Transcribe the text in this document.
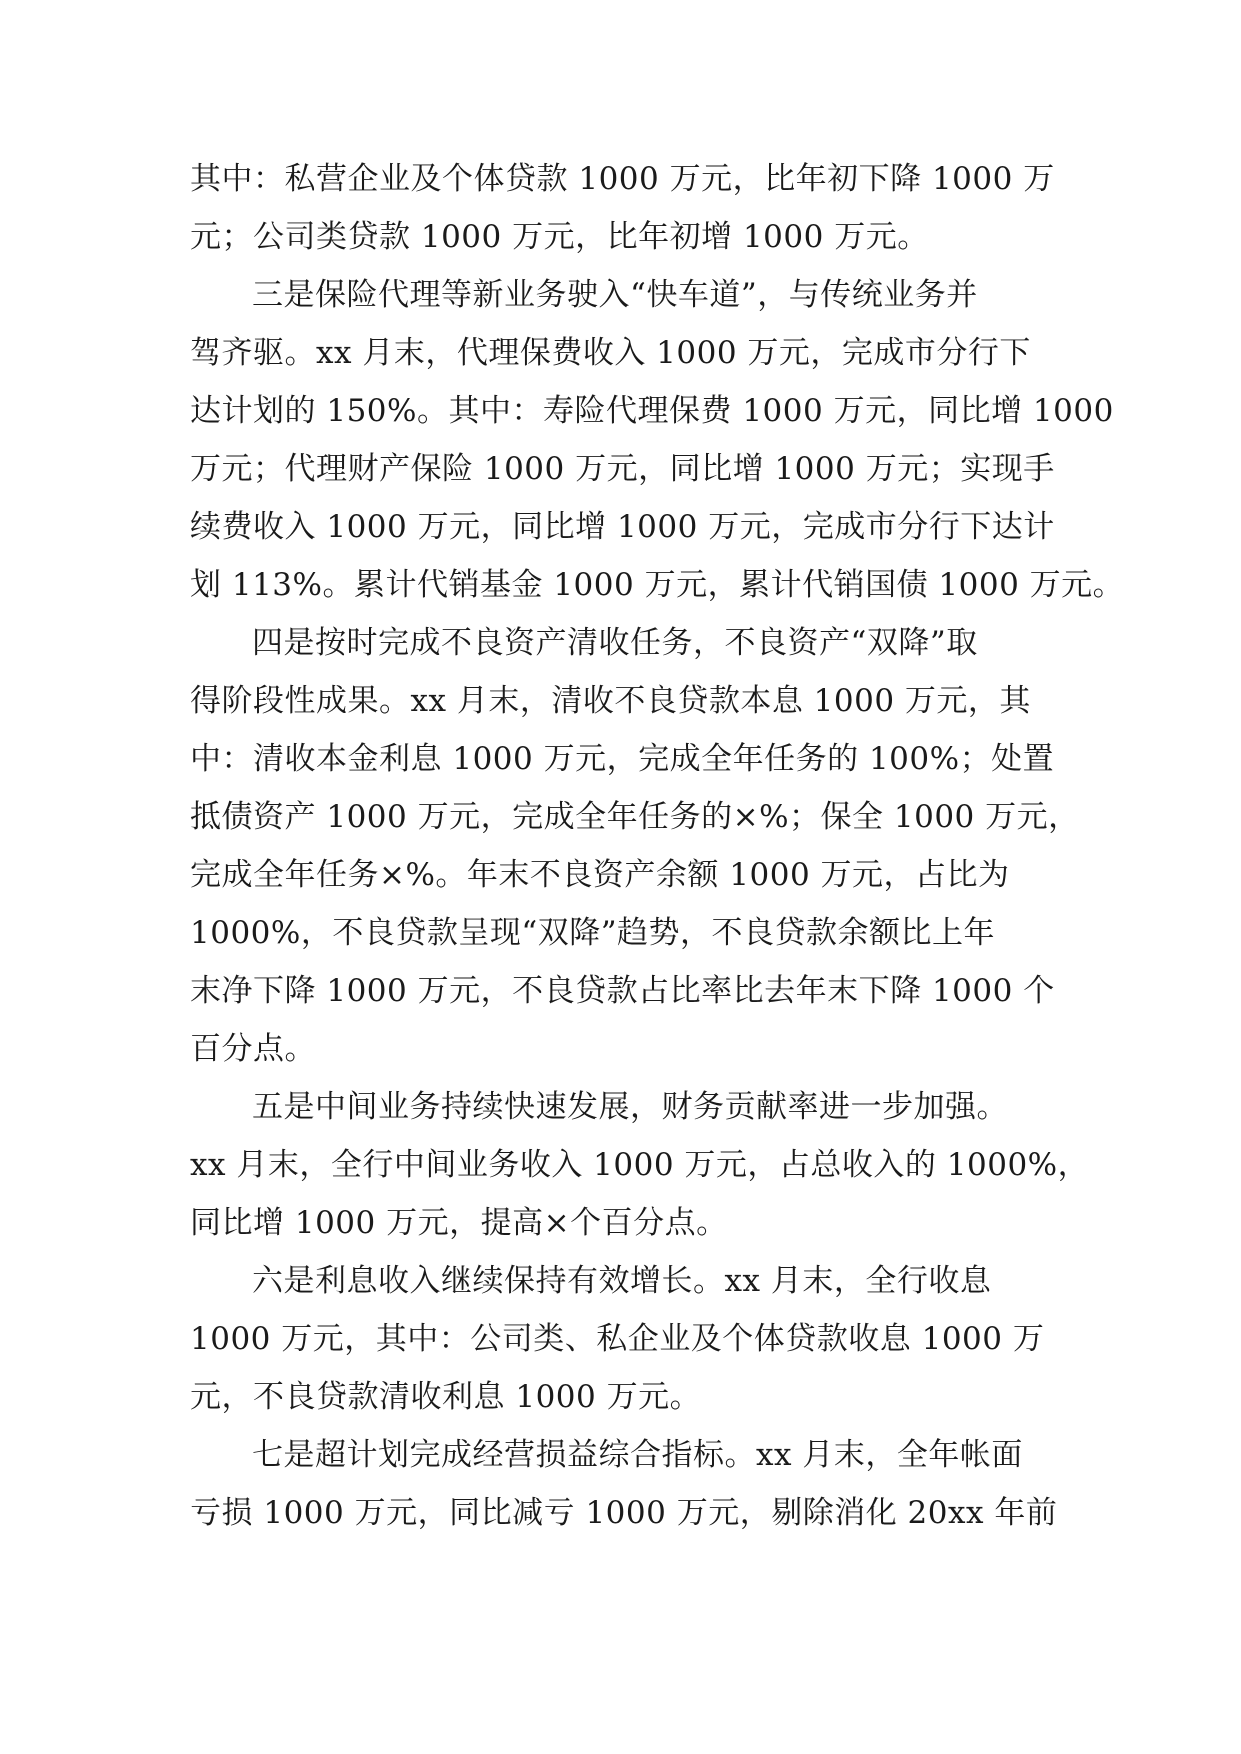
其中：私营企业及个体贷款 1000 万元，比年初下降 1000 万
元；公司类贷款 1000 万元，比年初增 1000 万元。
三是保险代理等新业务驶入“快车道”，与传统业务并
驾齐驱。xx 月末，代理保费收入 1000 万元，完成市分行下
达计划的 150%。其中：寿险代理保费 1000 万元，同比增 1000
万元；代理财产保险 1000 万元，同比增 1000 万元；实现手
续费收入 1000 万元，同比增 1000 万元，完成市分行下达计
划 113%。累计代销基金 1000 万元，累计代销国债 1000 万元。
四是按时完成不良资产清收任务，不良资产“双降”取
得阶段性成果。xx 月末，清收不良贷款本息 1000 万元，其
中：清收本金利息 1000 万元，完成全年任务的 100%；处置
抵债资产 1000 万元，完成全年任务的×%；保全 1000 万元，
完成全年任务×%。年末不良资产余额 1000 万元，占比为
1000%，不良贷款呈现“双降”趋势，不良贷款余额比上年
末净下降 1000 万元，不良贷款占比率比去年末下降 1000 个
百分点。
五是中间业务持续快速发展，财务贡献率进一步加强。
xx 月末，全行中间业务收入 1000 万元，占总收入的 1000%，
同比增 1000 万元，提高×个百分点。
六是利息收入继续保持有效增长。xx 月末，全行收息
1000 万元，其中：公司类、私企业及个体贷款收息 1000 万
元，不良贷款清收利息 1000 万元。
七是超计划完成经营损益综合指标。xx 月末，全年帐面
亏损 1000 万元，同比减亏 1000 万元，剔除消化 20xx 年前
